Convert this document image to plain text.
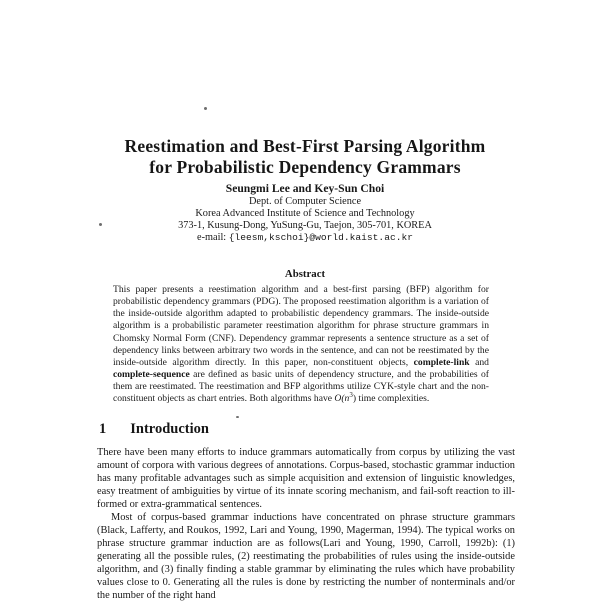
Reestimation and Best-First Parsing Algorithm
for Probabilistic Dependency Grammars
Seungmi Lee and Key-Sun Choi
Dept. of Computer Science
Korea Advanced Institute of Science and Technology
373-1, Kusung-Dong, YuSung-Gu, Taejon, 305-701, KOREA
e-mail: {leesm,kschoi}@world.kaist.ac.kr
Abstract
This paper presents a reestimation algorithm and a best-first parsing (BFP) algorithm for probabilistic dependency grammars (PDG). The proposed reestimation algorithm is a variation of the inside-outside algorithm adapted to probabilistic dependency grammars. The inside-outside algorithm is a probabilistic parameter reestimation algorithm for phrase structure grammars in Chomsky Normal Form (CNF). Dependency grammar represents a sentence structure as a set of dependency links between arbitrary two words in the sentence, and can not be reestimated by the inside-outside algorithm directly. In this paper, non-constituent objects, complete-link and complete-sequence are defined as basic units of dependency structure, and the probabilities of them are reestimated. The reestimation and BFP algorithms utilize CYK-style chart and the non-constituent objects as chart entries. Both algorithms have $O(n^3)$ time complexities.
1 Introduction

There have been many efforts to induce grammars automatically from corpus by utilizing the vast amount of corpora with various degrees of annotations. Corpus-based, stochastic grammar induction has many profitable advantages such as simple acquisition and extension of linguistic knowledges, easy treatment of ambiguities by virtue of its innate scoring mechanism, and fail-soft reaction to ill-formed or extra-grammatical sentences.

Most of corpus-based grammar inductions have concentrated on phrase structure grammars (Black, Lafferty, and Roukos, 1992, Lari and Young, 1990, Magerman, 1994). The typical works on phrase structure grammar induction are as follows(Lari and Young, 1990, Carroll, 1992b): (1) generating all the possible rules, (2) reestimating the probabilities of rules using the inside-outside algorithm, and (3) finally finding a stable grammar by eliminating the rules which have probability values close to 0. Generating all the rules is done by restricting the number of nonterminals and/or the number of the right hand
